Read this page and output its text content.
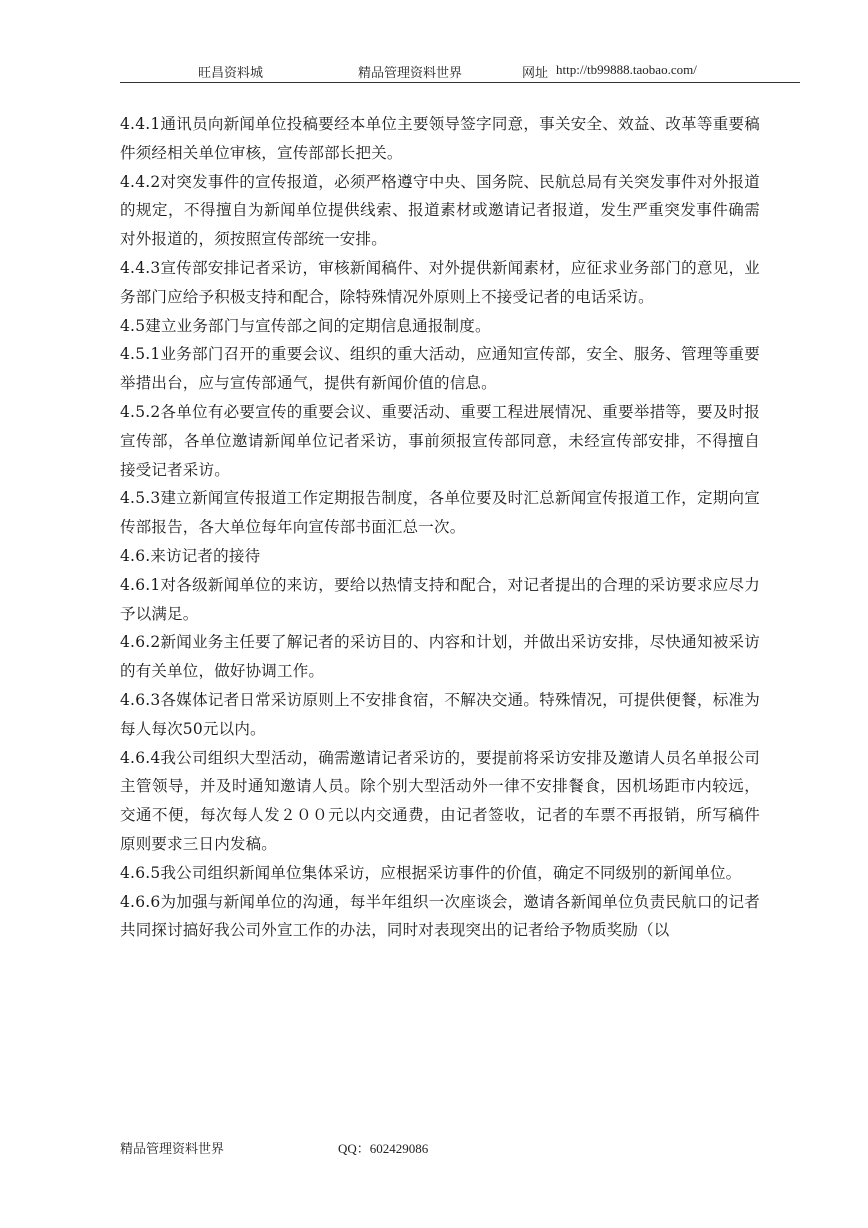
旺昌资料城	精品管理资料世界	网址 http://tb99888.taobao.com/

4.4.1通讯员向新闻单位投稿要经本单位主要领导签字同意，事关安全、效益、改革等重要稿件须经相关单位审核，宣传部部长把关。

4.4.2对突发事件的宣传报道，必须严格遵守中央、国务院、民航总局有关突发事件对外报道的规定，不得擅自为新闻单位提供线索、报道素材或邀请记者报道，发生严重突发事件确需对外报道的，须按照宣传部统一安排。

4.4.3宣传部安排记者采访，审核新闻稿件、对外提供新闻素材，应征求业务部门的意见，业务部门应给予积极支持和配合，除特殊情况外原则上不接受记者的电话采访。

4.5建立业务部门与宣传部之间的定期信息通报制度。

4.5.1业务部门召开的重要会议、组织的重大活动，应通知宣传部，安全、服务、管理等重要举措出台，应与宣传部通气，提供有新闻价值的信息。

4.5.2各单位有必要宣传的重要会议、重要活动、重要工程进展情况、重要举措等，要及时报宣传部，各单位邀请新闻单位记者采访，事前须报宣传部同意，未经宣传部安排，不得擅自接受记者采访。

4.5.3建立新闻宣传报道工作定期报告制度，各单位要及时汇总新闻宣传报道工作，定期向宣传部报告，各大单位每年向宣传部书面汇总一次。

4.6.来访记者的接待

4.6.1对各级新闻单位的来访，要给以热情支持和配合，对记者提出的合理的采访要求应尽力予以满足。

4.6.2新闻业务主任要了解记者的采访目的、内容和计划，并做出采访安排，尽快通知被采访的有关单位，做好协调工作。

4.6.3各媒体记者日常采访原则上不安排食宿，不解决交通。特殊情况，可提供便餐，标准为每人每次50元以内。

4.6.4我公司组织大型活动，确需邀请记者采访的，要提前将采访安排及邀请人员名单报公司主管领导，并及时通知邀请人员。除个别大型活动外一律不安排餐食，因机场距市内较远，交通不便，每次每人发２００元以内交通费，由记者签收，记者的车票不再报销，所写稿件原则要求三日内发稿。

4.6.5我公司组织新闻单位集体采访，应根据采访事件的价值，确定不同级别的新闻单位。

4.6.6为加强与新闻单位的沟通，每半年组织一次座谈会，邀请各新闻单位负责民航口的记者共同探讨搞好我公司外宣工作的办法，同时对表现突出的记者给予物质奖励（以

精品管理资料世界	QQ：602429086
